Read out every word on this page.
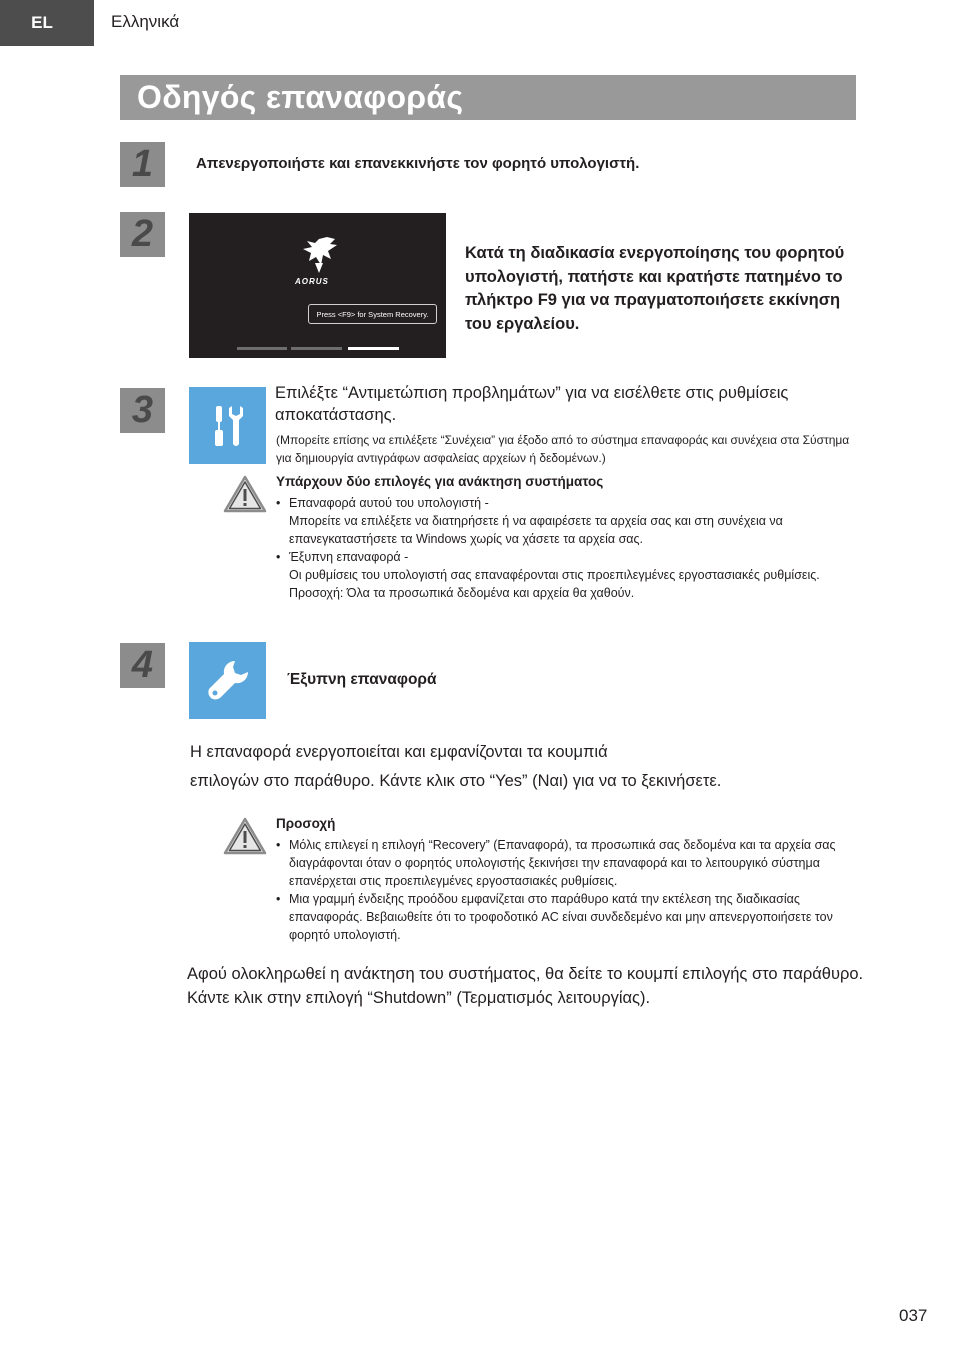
EL	Ελληνικά
Οδηγός επαναφοράς
1	Απενεργοποιήστε και επανεκκινήστε τον φορητό υπολογιστή.
2
AORUS
Press <F9> for System Recovery.
Κατά τη διαδικασία ενεργοποίησης του φορητού υπολογιστή, πατήστε και κρατήστε πατημένο το πλήκτρο F9 για να πραγματοποιήσετε εκκίνηση του εργαλείου.
3	Επιλέξτε “Αντιμετώπιση προβλημάτων” για να εισέλθετε στις ρυθμίσεις αποκατάστασης.
(Μπορείτε επίσης να επιλέξετε “Συνέχεια” για έξοδο από το σύστημα επαναφοράς και συνέχεια στα Σύστημα για δημιουργία αντιγράφων ασφαλείας αρχείων ή δεδομένων.)
Υπάρχουν δύο επιλογές για ανάκτηση συστήματος
• Επαναφορά αυτού του υπολογιστή -
Μπορείτε να επιλέξετε να διατηρήσετε ή να αφαιρέσετε τα αρχεία σας και στη συνέχεια να επανεγκαταστήσετε τα Windows χωρίς να χάσετε τα αρχεία σας.
• Έξυπνη επαναφορά -
Οι ρυθμίσεις του υπολογιστή σας επαναφέρονται στις προεπιλεγμένες εργοστασιακές ρυθμίσεις.
Προσοχή: Όλα τα προσωπικά δεδομένα και αρχεία θα χαθούν.
4	Έξυπνη επαναφορά
Η επαναφορά ενεργοποιείται και εμφανίζονται τα κουμπιά
επιλογών στο παράθυρο. Κάντε κλικ στο “Yes” (Ναι) για να το ξεκινήσετε.
Προσοχή
• Μόλις επιλεγεί η επιλογή “Recovery” (Επαναφορά), τα προσωπικά σας δεδομένα και τα αρχεία σας διαγράφονται όταν ο φορητός υπολογιστής ξεκινήσει την επαναφορά και το λειτουργικό σύστημα επανέρχεται στις προεπιλεγμένες εργοστασιακές ρυθμίσεις.
• Μια γραμμή ένδειξης προόδου εμφανίζεται στο παράθυρο κατά την εκτέλεση της διαδικασίας επαναφοράς. Βεβαιωθείτε ότι το τροφοδοτικό AC είναι συνδεδεμένο και μην απενεργοποιήσετε τον φορητό υπολογιστή.
Αφού ολοκληρωθεί η ανάκτηση του συστήματος, θα δείτε το κουμπί επιλογής στο παράθυρο. Κάντε κλικ στην επιλογή “Shutdown” (Τερματισμός λειτουργίας).
037
